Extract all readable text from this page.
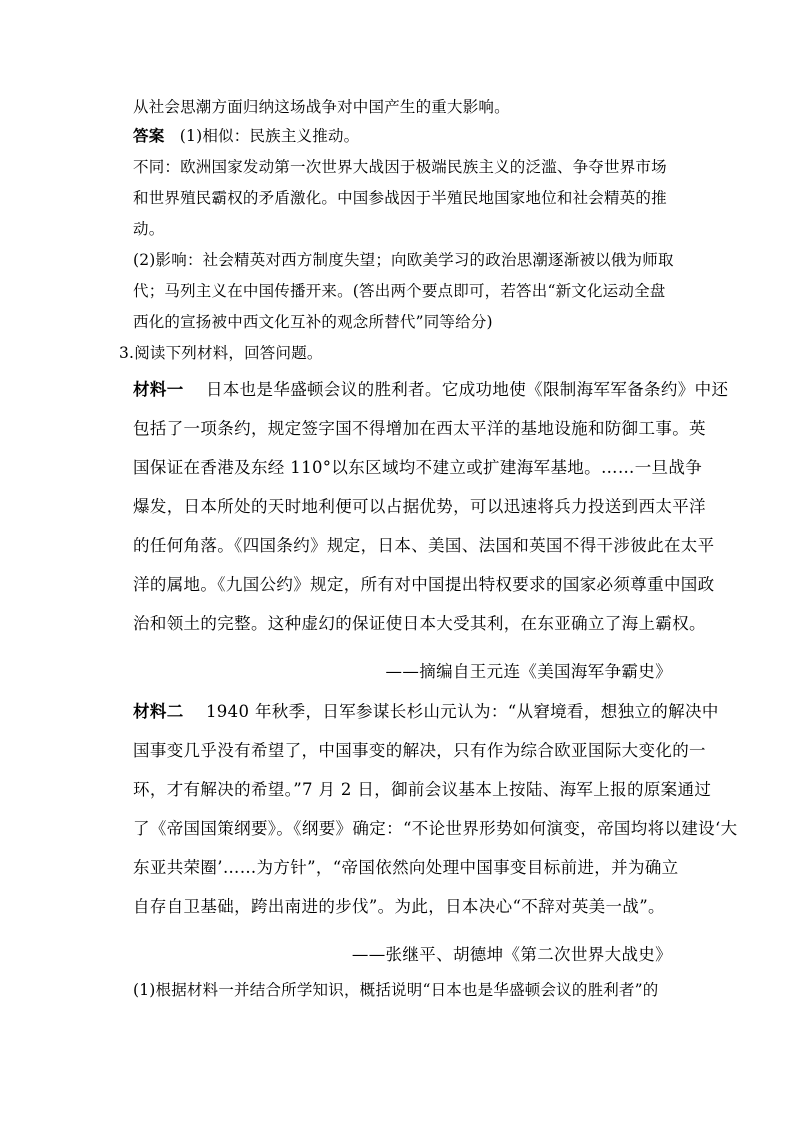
从社会思潮方面归纳这场战争对中国产生的重大影响。
答案 (1)相似：民族主义推动。
不同：欧洲国家发动第一次世界大战因于极端民族主义的泛滥、争夺世界市场
和世界殖民霸权的矛盾激化。中国参战因于半殖民地国家地位和社会精英的推
动。
(2)影响：社会精英对西方制度失望；向欧美学习的政治思潮逐渐被以俄为师取
代；马列主义在中国传播开来。(答出两个要点即可，若答出“新文化运动全盘
西化的宣扬被中西文化互补的观念所替代”同等给分)
3.阅读下列材料，回答问题。
材料一 日本也是华盛顿会议的胜利者。它成功地使《限制海军军备条约》中还
包括了一项条约，规定签字国不得增加在西太平洋的基地设施和防御工事。英
国保证在香港及东经 110°以东区域均不建立或扩建海军基地。……一旦战争
爆发，日本所处的天时地利便可以占据优势，可以迅速将兵力投送到西太平洋
的任何角落。《四国条约》规定，日本、美国、法国和英国不得干涉彼此在太平
洋的属地。《九国公约》规定，所有对中国提出特权要求的国家必须尊重中国政
治和领土的完整。这种虚幻的保证使日本大受其利，在东亚确立了海上霸权。
——摘编自王元连《美国海军争霸史》
材料二 1940 年秋季，日军参谋长杉山元认为：“从窘境看，想独立的解决中
国事变几乎没有希望了，中国事变的解决，只有作为综合欧亚国际大变化的一
环，才有解决的希望。”7 月 2 日，御前会议基本上按陆、海军上报的原案通过
了《帝国国策纲要》。《纲要》确定：“不论世界形势如何演变，帝国均将以建设‘大
东亚共荣圈’……为方针”，“帝国依然向处理中国事变目标前进，并为确立
自存自卫基础，跨出南进的步伐”。为此，日本决心“不辞对英美一战”。
——张继平、胡德坤《第二次世界大战史》
(1)根据材料一并结合所学知识，概括说明“日本也是华盛顿会议的胜利者”的
